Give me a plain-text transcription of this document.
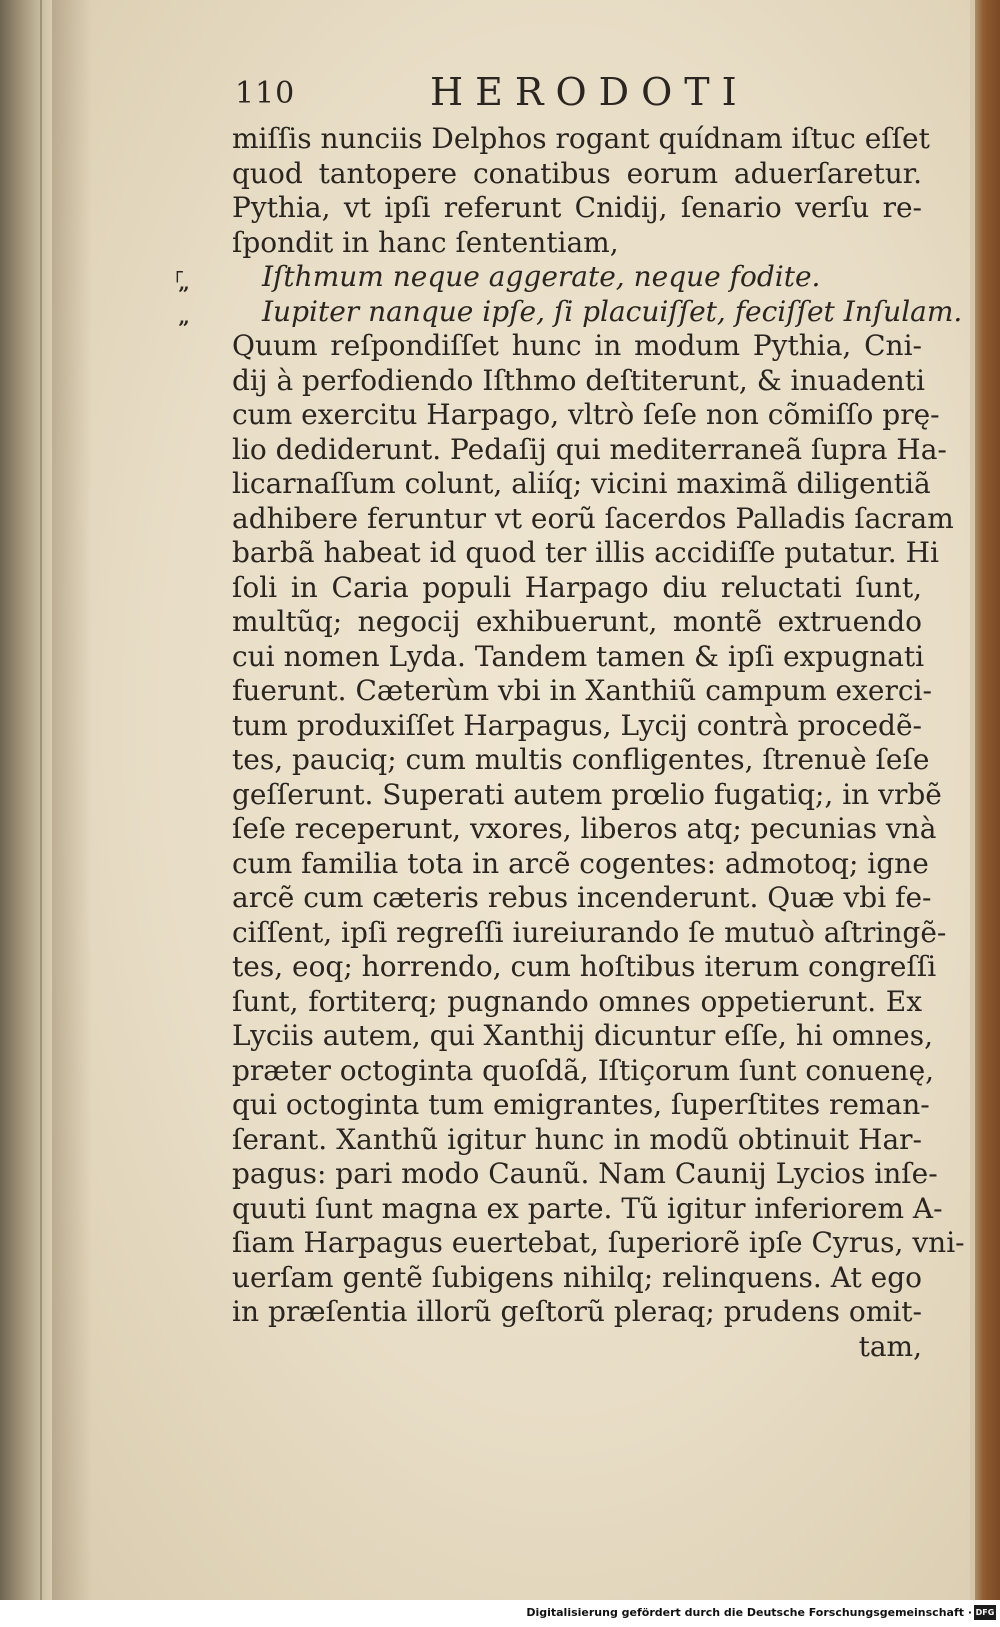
110	HERODOTI
┌
”
”
miſſis nunciis Delphos rogant quídnam iſtuc eſſet
quod tantopere conatibus eorum aduerſaretur.
Pythia, vt ipſi referunt Cnidij, ſenario verſu re-
ſpondit in hanc ſententiam,
Iſthmum neque aggerate, neque fodite.
Iupiter nanque ipſe, ſi placuiſſet, feciſſet Inſulam.
Quum reſpondiſſet hunc in modum Pythia, Cni-
dij à perfodiendo Iſthmo deſtiterunt, & inuadenti
cum exercitu Harpago, vltrò ſeſe non cõmiſſo prę-
lio dediderunt. Pedaſij qui mediterraneã ſupra Ha-
licarnaſſum colunt, aliíq; vicini maximã diligentiã
adhibere feruntur vt eorũ ſacerdos Palladis ſacram
barbã habeat id quod ter illis accidiſſe putatur. Hi
ſoli in Caria populi Harpago diu reluctati ſunt,
multũq; negocij exhibuerunt, montẽ extruendo
cui nomen Lyda. Tandem tamen & ipſi expugnati
fuerunt. Cæterùm vbi in Xanthiũ campum exerci-
tum produxiſſet Harpagus, Lycij contrà procedẽ-
tes, pauciq; cum multis confligentes, ſtrenuè ſeſe
geſſerunt. Superati autem prœlio fugatiq;, in vrbẽ
ſeſe receperunt, vxores, liberos atq; pecunias vnà
cum familia tota in arcẽ cogentes: admotoq; igne
arcẽ cum cæteris rebus incenderunt. Quæ vbi fe-
ciſſent, ipſi regreſſi iureiurando ſe mutuò aſtringẽ-
tes, eoq; horrendo, cum hoſtibus iterum congreſſi
ſunt, fortiterq; pugnando omnes oppetierunt. Ex
Lyciis autem, qui Xanthij dicuntur eſſe, hi omnes,
præter octoginta quoſdã, Iſtiçorum ſunt conuenę,
qui octoginta tum emigrantes, ſuperſtites reman-
ſerant. Xanthũ igitur hunc in modũ obtinuit Har-
pagus: pari modo Caunũ. Nam Caunij Lycios inſe-
quuti ſunt magna ex parte. Tũ igitur inferiorem A-
ſiam Harpagus euertebat, ſuperiorẽ ipſe Cyrus, vni-
uerſam gentẽ ſubigens nihilq; relinquens. At ego
in præſentia illorũ geſtorũ pleraq; prudens omit-
tam,
Digitalisierung gefördert durch die Deutsche Forschungsgemeinschaft · DFG
